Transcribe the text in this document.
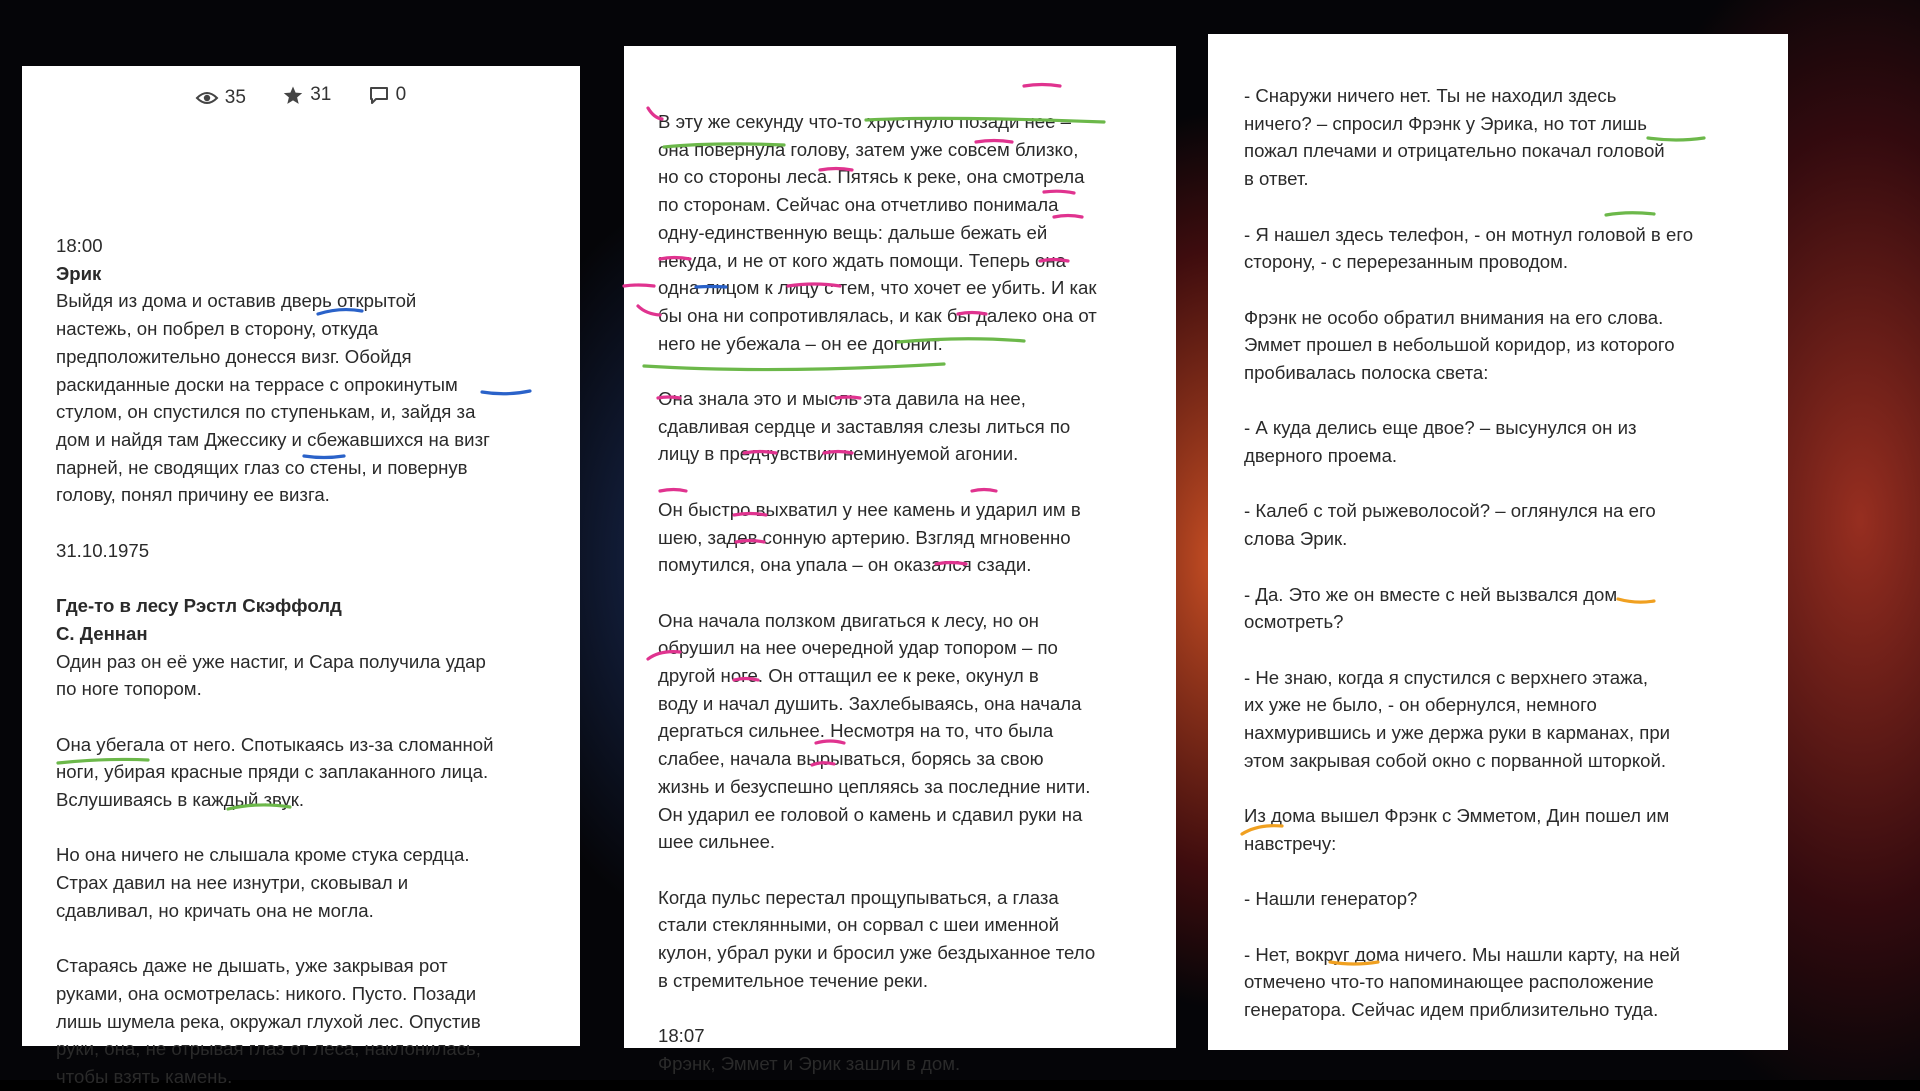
35
	31
	0

18:00

Эрик

Выйдя из дома и оставив дверь открытой

настежь, он побрел в сторону, откуда

предположительно донесся визг. Обойдя

раскиданные доски на террасе с опрокинутым

стулом, он спустился по ступенькам, и, зайдя за

дом и найдя там Джессику и сбежавшихся на визг

парней, не сводящих глаз со стены, и повернув

голову, понял причину ее визга.

31.10.1975

Где-то в лесу Рэстл Скэффолд

С. Деннан

Один раз он её уже настиг, и Сара получила удар

по ноге топором.

Она убегала от него. Спотыкаясь из-за сломанной

ноги, убирая красные пряди с заплаканного лица.

Вслушиваясь в каждый звук.

Но она ничего не слышала кроме стука сердца.

Страх давил на нее изнутри, сковывал и

сдавливал, но кричать она не могла.

Стараясь даже не дышать, уже закрывая рот

руками, она осмотрелась: никого. Пусто. Позади

лишь шумела река, окружал глухой лес. Опустив

руки, она, не отрывая глаз от леса, наклонилась,

чтобы взять камень.

В эту же секунду что-то хрустнуло позади нее –

она повернула голову, затем уже совсем близко,

но со стороны леса. Пятясь к реке, она смотрела

по сторонам. Сейчас она отчетливо понимала

одну-единственную вещь: дальше бежать ей

некуда, и не от кого ждать помощи. Теперь она

одна лицом к лицу с тем, что хочет ее убить. И как

бы она ни сопротивлялась, и как бы далеко она от

него не убежала – он ее догонит.

Она знала это и мысль эта давила на нее,

сдавливая сердце и заставляя слезы литься по

лицу в предчувствии неминуемой агонии.

Он быстро выхватил у нее камень и ударил им в

шею, задев сонную артерию. Взгляд мгновенно

помутился, она упала – он оказался сзади.

Она начала ползком двигаться к лесу, но он

обрушил на нее очередной удар топором – по

другой ноге. Он оттащил ее к реке, окунул в

воду и начал душить. Захлебываясь, она начала

дергаться сильнее. Несмотря на то, что была

слабее, начала вырываться, борясь за свою

жизнь и безуспешно цепляясь за последние нити.

Он ударил ее головой о камень и сдавил руки на

шее сильнее.

Когда пульс перестал прощупываться, а глаза

стали стеклянными, он сорвал с шеи именной

кулон, убрал руки и бросил уже бездыханное тело

в стремительное течение реки.

18:07

Фрэнк, Эммет и Эрик зашли в дом.

- Снаружи ничего нет. Ты не находил здесь

ничего? – спросил Фрэнк у Эрика, но тот лишь

пожал плечами и отрицательно покачал головой

в ответ.

- Я нашел здесь телефон, - он мотнул головой в его

сторону, - с перерезанным проводом.

Фрэнк не особо обратил внимания на его слова.

Эммет прошел в небольшой коридор, из которого

пробивалась полоска света:

- А куда делись еще двое? – высунулся он из

дверного проема.

- Калеб с той рыжеволосой? – оглянулся на его

слова Эрик.

- Да. Это же он вместе с ней вызвался дом

осмотреть?

- Не знаю, когда я спустился с верхнего этажа,

их уже не было, - он обернулся, немного

нахмурившись и уже держа руки в карманах, при

этом закрывая собой окно с порванной шторкой.

Из дома вышел Фрэнк с Эмметом, Дин пошел им

навстречу:

- Нашли генератор?

- Нет, вокруг дома ничего. Мы нашли карту, на ней

отмечено что-то напоминающее расположение

генератора. Сейчас идем приблизительно туда.
